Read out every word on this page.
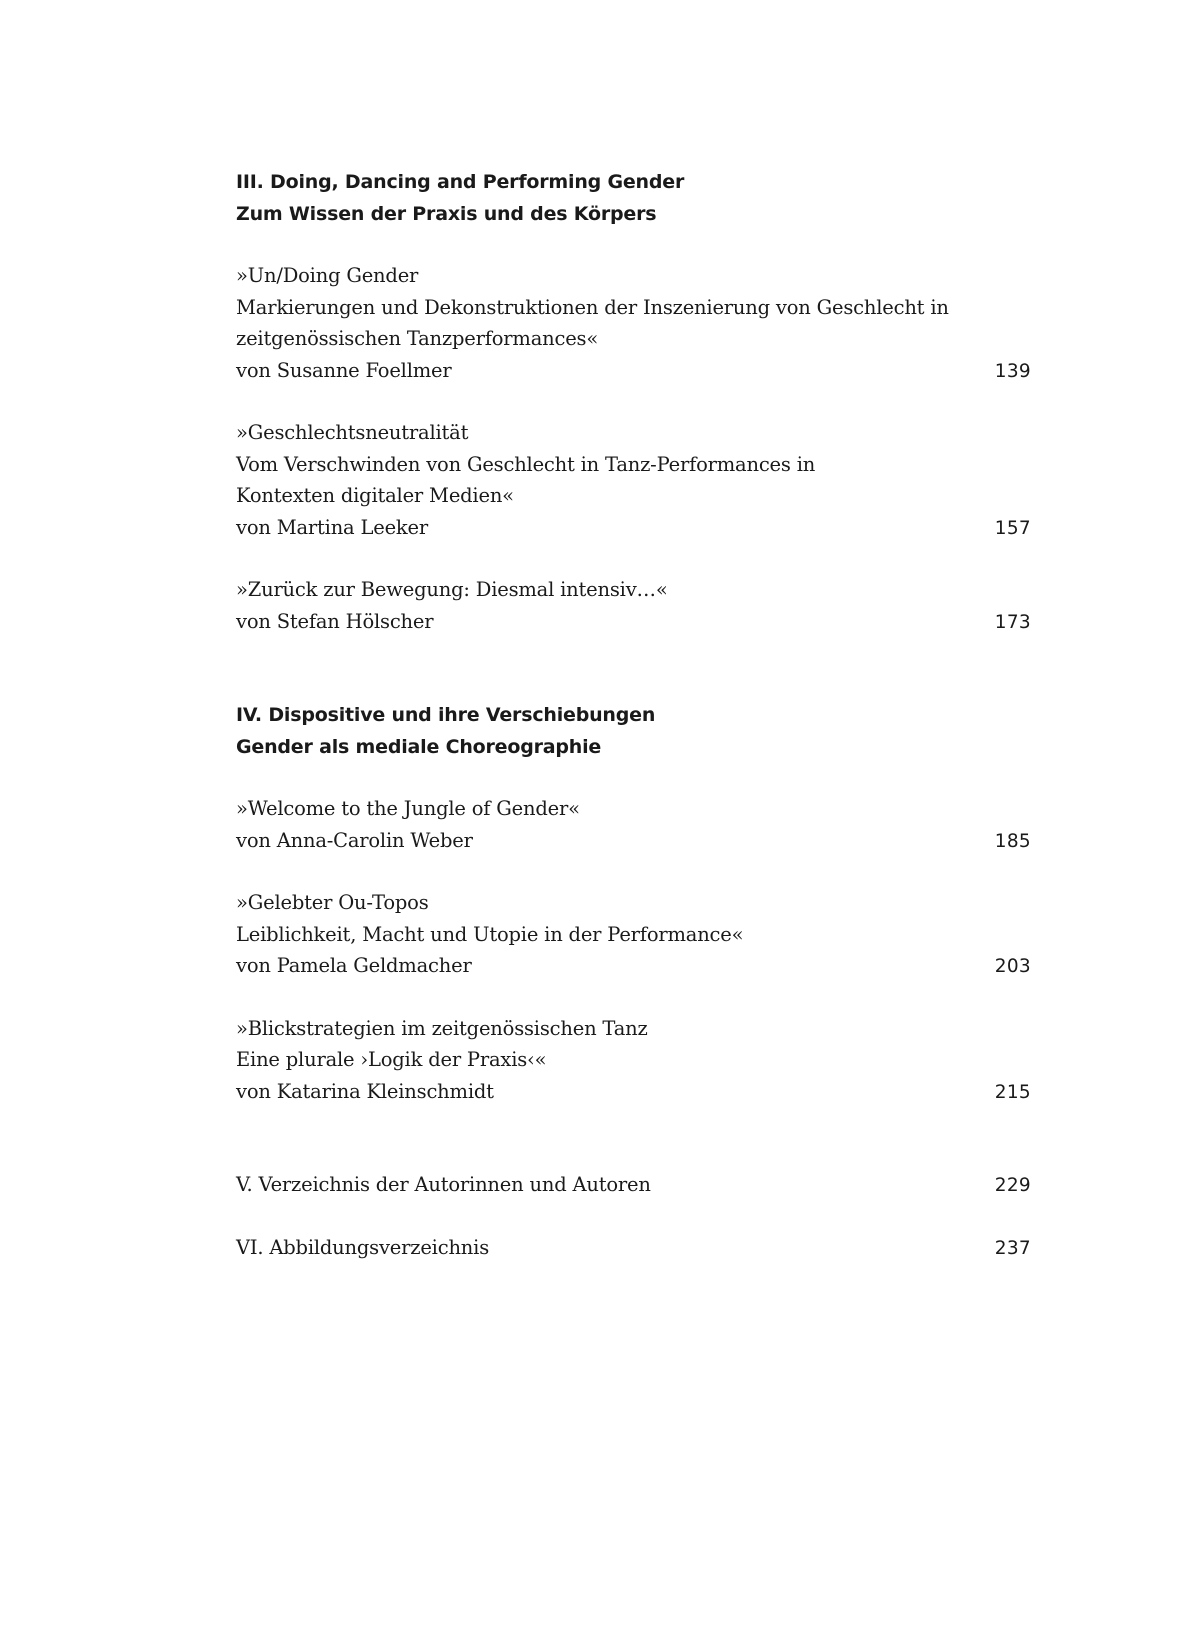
III. Doing, Dancing and Performing Gender
Zum Wissen der Praxis und des Körpers
»Un/Doing Gender
Markierungen und Dekonstruktionen der Inszenierung von Geschlecht in
zeitgenössischen Tanzperformances«
von Susanne Foellmer	139
»Geschlechtsneutralität
Vom Verschwinden von Geschlecht in Tanz-Performances in
Kontexten digitaler Medien«
von Martina Leeker	157
»Zurück zur Bewegung: Diesmal intensiv…«
von Stefan Hölscher	173
IV. Dispositive und ihre Verschiebungen
Gender als mediale Choreographie
»Welcome to the Jungle of Gender«
von Anna-Carolin Weber	185
»Gelebter Ou-Topos
Leiblichkeit, Macht und Utopie in der Performance«
von Pamela Geldmacher	203
»Blickstrategien im zeitgenössischen Tanz
Eine plurale ›Logik der Praxis‹«
von Katarina Kleinschmidt	215
V. Verzeichnis der Autorinnen und Autoren	229
VI. Abbildungsverzeichnis	237
